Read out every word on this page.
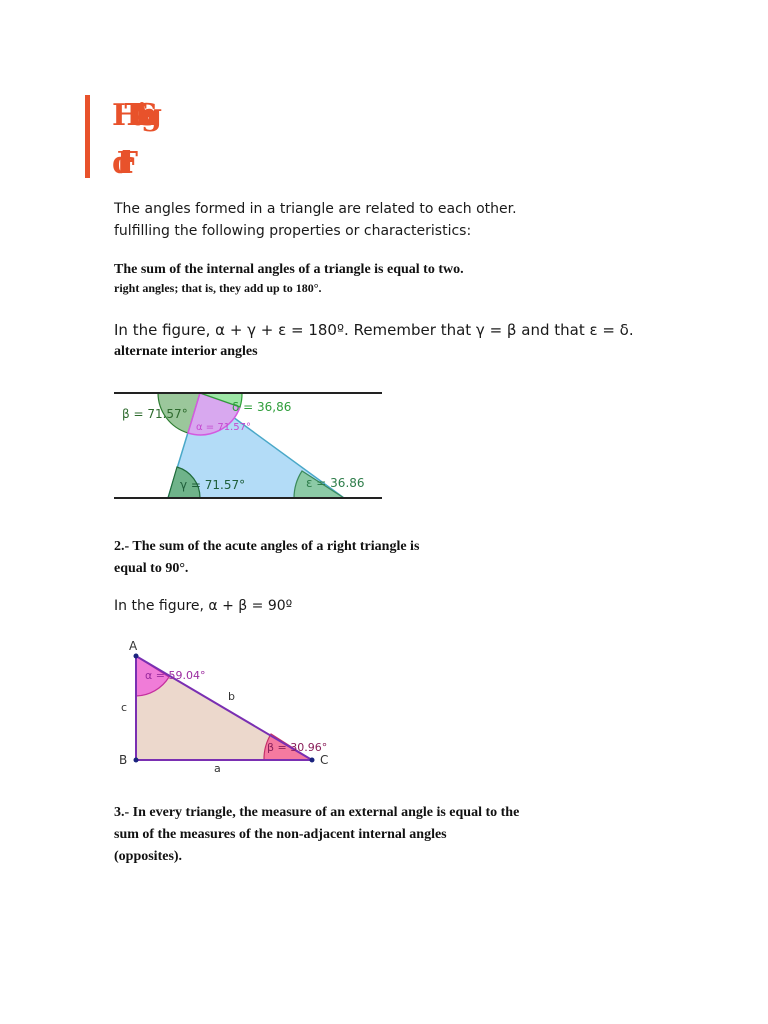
HTAS iang
drF

The angles formed in a triangle are related to each other.
fulfilling the following properties or characteristics:

The sum of the internal angles of a triangle is equal to two.
right angles; that is, they add up to 180°.

In the figure, α + γ + ε = 180º. Remember that γ = β and that ε = δ.

alternate interior angles

β = 71.57°	δ = 36,86
α = 71.57°
γ = 71.57°	ε = 36.86

2.- The sum of the acute angles of a right triangle is
equal to 90°.

In the figure, α + β = 90º

A
B	C
c
b
a
α = 59.04°
β = 30.96°

3.- In every triangle, the measure of an external angle is equal to the
sum of the measures of the non-adjacent internal angles
(opposites).
